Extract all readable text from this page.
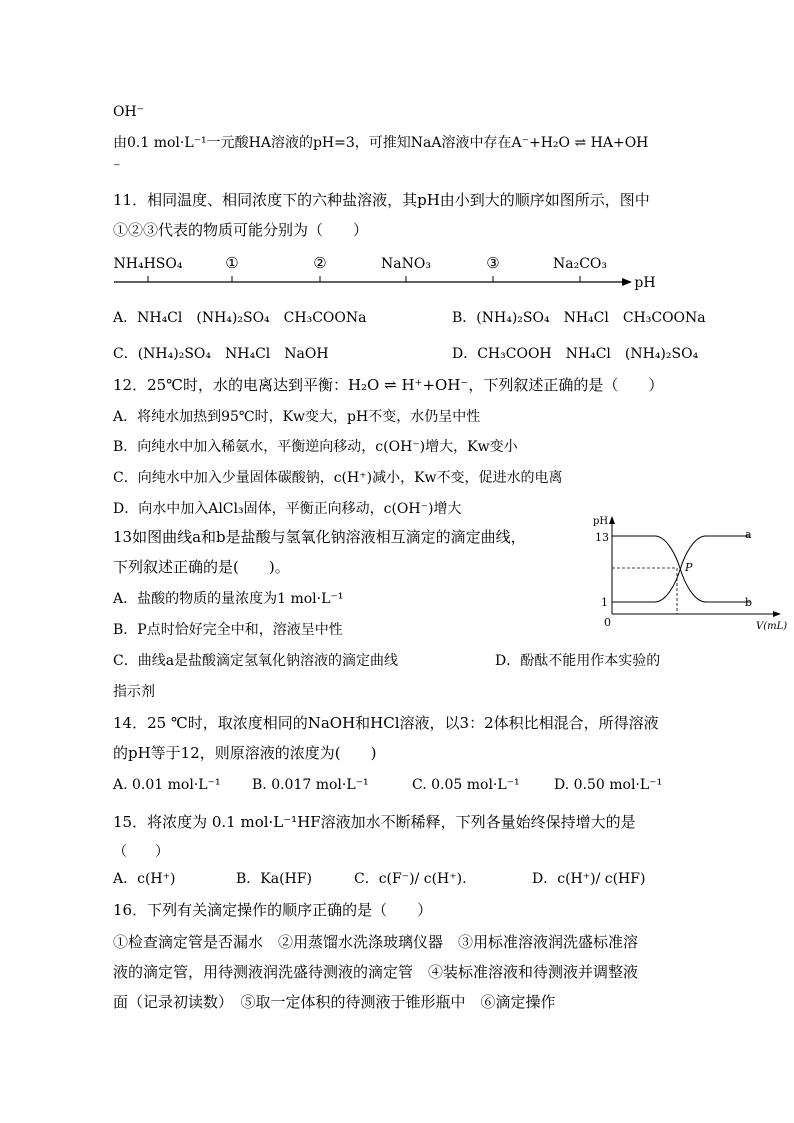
OH⁻
由0.1 mol·L⁻¹一元酸HA溶液的pH=3，可推知NaA溶液中存在A⁻+H₂O ⇌ HA+OH
⁻
11．相同温度、相同浓度下的六种盐溶液，其pH由小到大的顺序如图所示，图中
①②③代表的物质可能分别为（　　）
NH₄HSO₄	①	②	NaNO₃	③	Na₂CO₃
pH
A．NH₄Cl　(NH₄)₂SO₄　CH₃COONa	B．(NH₄)₂SO₄　NH₄Cl　CH₃COONa
C．(NH₄)₂SO₄　NH₄Cl　NaOH	D．CH₃COOH　NH₄Cl　(NH₄)₂SO₄
12．25℃时，水的电离达到平衡：H₂O ⇌ H⁺+OH⁻，下列叙述正确的是（　　）
A．将纯水加热到95℃时，Kw变大，pH不变，水仍呈中性
B．向纯水中加入稀氨水，平衡逆向移动，c(OH⁻)增大，Kw变小
C．向纯水中加入少量固体碳酸钠，c(H⁺)减小，Kw不变，促进水的电离
D．向水中加入AlCl₃固体，平衡正向移动，c(OH⁻)增大
13如图曲线a和b是盐酸与氢氧化钠溶液相互滴定的滴定曲线，
下列叙述正确的是(　　)。
A．盐酸的物质的量浓度为1 mol·L⁻¹
B．P点时恰好完全中和，溶液呈中性
C．曲线a是盐酸滴定氢氧化钠溶液的滴定曲线	D．酚酞不能用作本实验的
指示剂
pH
13
1
0	V(mL)
P
a
b
14．25 ℃时，取浓度相同的NaOH和HCl溶液，以3：2体积比相混合，所得溶液
的pH等于12，则原溶液的浓度为(　　)
A. 0.01 mol·L⁻¹ B. 0.017 mol·L⁻¹	C. 0.05 mol·L⁻¹ D. 0.50 mol·L⁻¹
15．将浓度为 0.1 mol·L⁻¹HF溶液加水不断稀释，下列各量始终保持增大的是
（　　）
A．c(H⁺)	B．Ka(HF)	C．c(F⁻)/ c(H⁺).	D．c(H⁺)/ c(HF)
16．下列有关滴定操作的顺序正确的是（　　）
①检查滴定管是否漏水　②用蒸馏水洗涤玻璃仪器　③用标准溶液润洗盛标准溶
液的滴定管，用待测液润洗盛待测液的滴定管　④装标准溶液和待测液并调整液
面（记录初读数）　⑤取一定体积的待测液于锥形瓶中　⑥滴定操作
